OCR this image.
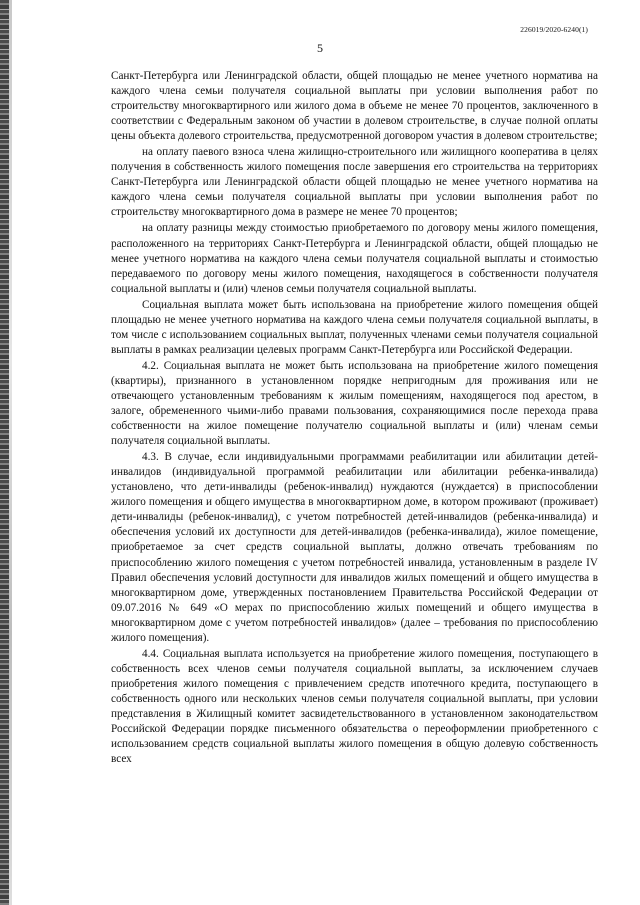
226019/2020-6240(1)
5

Санкт-Петербурга или Ленинградской области, общей площадью не менее учетного норматива на каждого члена семьи получателя социальной выплаты при условии выполнения работ по строительству многоквартирного или жилого дома в объеме не менее 70 процентов, заключенного в соответствии с Федеральным законом об участии в долевом строительстве, в случае полной оплаты цены объекта долевого строительства, предусмотренной договором участия в долевом строительстве;

на оплату паевого взноса члена жилищно-строительного или жилищного кооператива в целях получения в собственность жилого помещения после завершения его строительства на территориях Санкт-Петербурга или Ленинградской области общей площадью не менее учетного норматива на каждого члена семьи получателя социальной выплаты при условии выполнения работ по строительству многоквартирного дома в размере не менее 70 процентов;

на оплату разницы между стоимостью приобретаемого по договору мены жилого помещения, расположенного на территориях Санкт-Петербурга и Ленинградской области, общей площадью не менее учетного норматива на каждого члена семьи получателя социальной выплаты и стоимостью передаваемого по договору мены жилого помещения, находящегося в собственности получателя социальной выплаты и (или) членов семьи получателя социальной выплаты.

Социальная выплата может быть использована на приобретение жилого помещения общей площадью не менее учетного норматива на каждого члена семьи получателя социальной выплаты, в том числе с использованием социальных выплат, полученных членами семьи получателя социальной выплаты в рамках реализации целевых программ Санкт-Петербурга или Российской Федерации.

4.2. Социальная выплата не может быть использована на приобретение жилого помещения (квартиры), признанного в установленном порядке непригодным для проживания или не отвечающего установленным требованиям к жилым помещениям, находящегося под арестом, в залоге, обремененного чьими-либо правами пользования, сохраняющимися после перехода права собственности на жилое помещение получателю социальной выплаты и (или) членам семьи получателя социальной выплаты.

4.3. В случае, если индивидуальными программами реабилитации или абилитации детей-инвалидов (индивидуальной программой реабилитации или абилитации ребенка-инвалида) установлено, что дети-инвалиды (ребенок-инвалид) нуждаются (нуждается) в приспособлении жилого помещения и общего имущества в многоквартирном доме, в котором проживают (проживает) дети-инвалиды (ребенок-инвалид), с учетом потребностей детей-инвалидов (ребенка-инвалида) и обеспечения условий их доступности для детей-инвалидов (ребенка-инвалида), жилое помещение, приобретаемое за счет средств социальной выплаты, должно отвечать требованиям по приспособлению жилого помещения с учетом потребностей инвалида, установленным в разделе IV Правил обеспечения условий доступности для инвалидов жилых помещений и общего имущества в многоквартирном доме, утвержденных постановлением Правительства Российской Федерации от 09.07.2016 № 649 «О мерах по приспособлению жилых помещений и общего имущества в многоквартирном доме с учетом потребностей инвалидов» (далее – требования по приспособлению жилого помещения).

4.4. Социальная выплата используется на приобретение жилого помещения, поступающего в собственность всех членов семьи получателя социальной выплаты, за исключением случаев приобретения жилого помещения с привлечением средств ипотечного кредита, поступающего в собственность одного или нескольких членов семьи получателя социальной выплаты, при условии представления в Жилищный комитет засвидетельствованного в установленном законодательством Российской Федерации порядке письменного обязательства о переоформлении приобретенного с использованием средств социальной выплаты жилого помещения в общую долевую собственность всех
